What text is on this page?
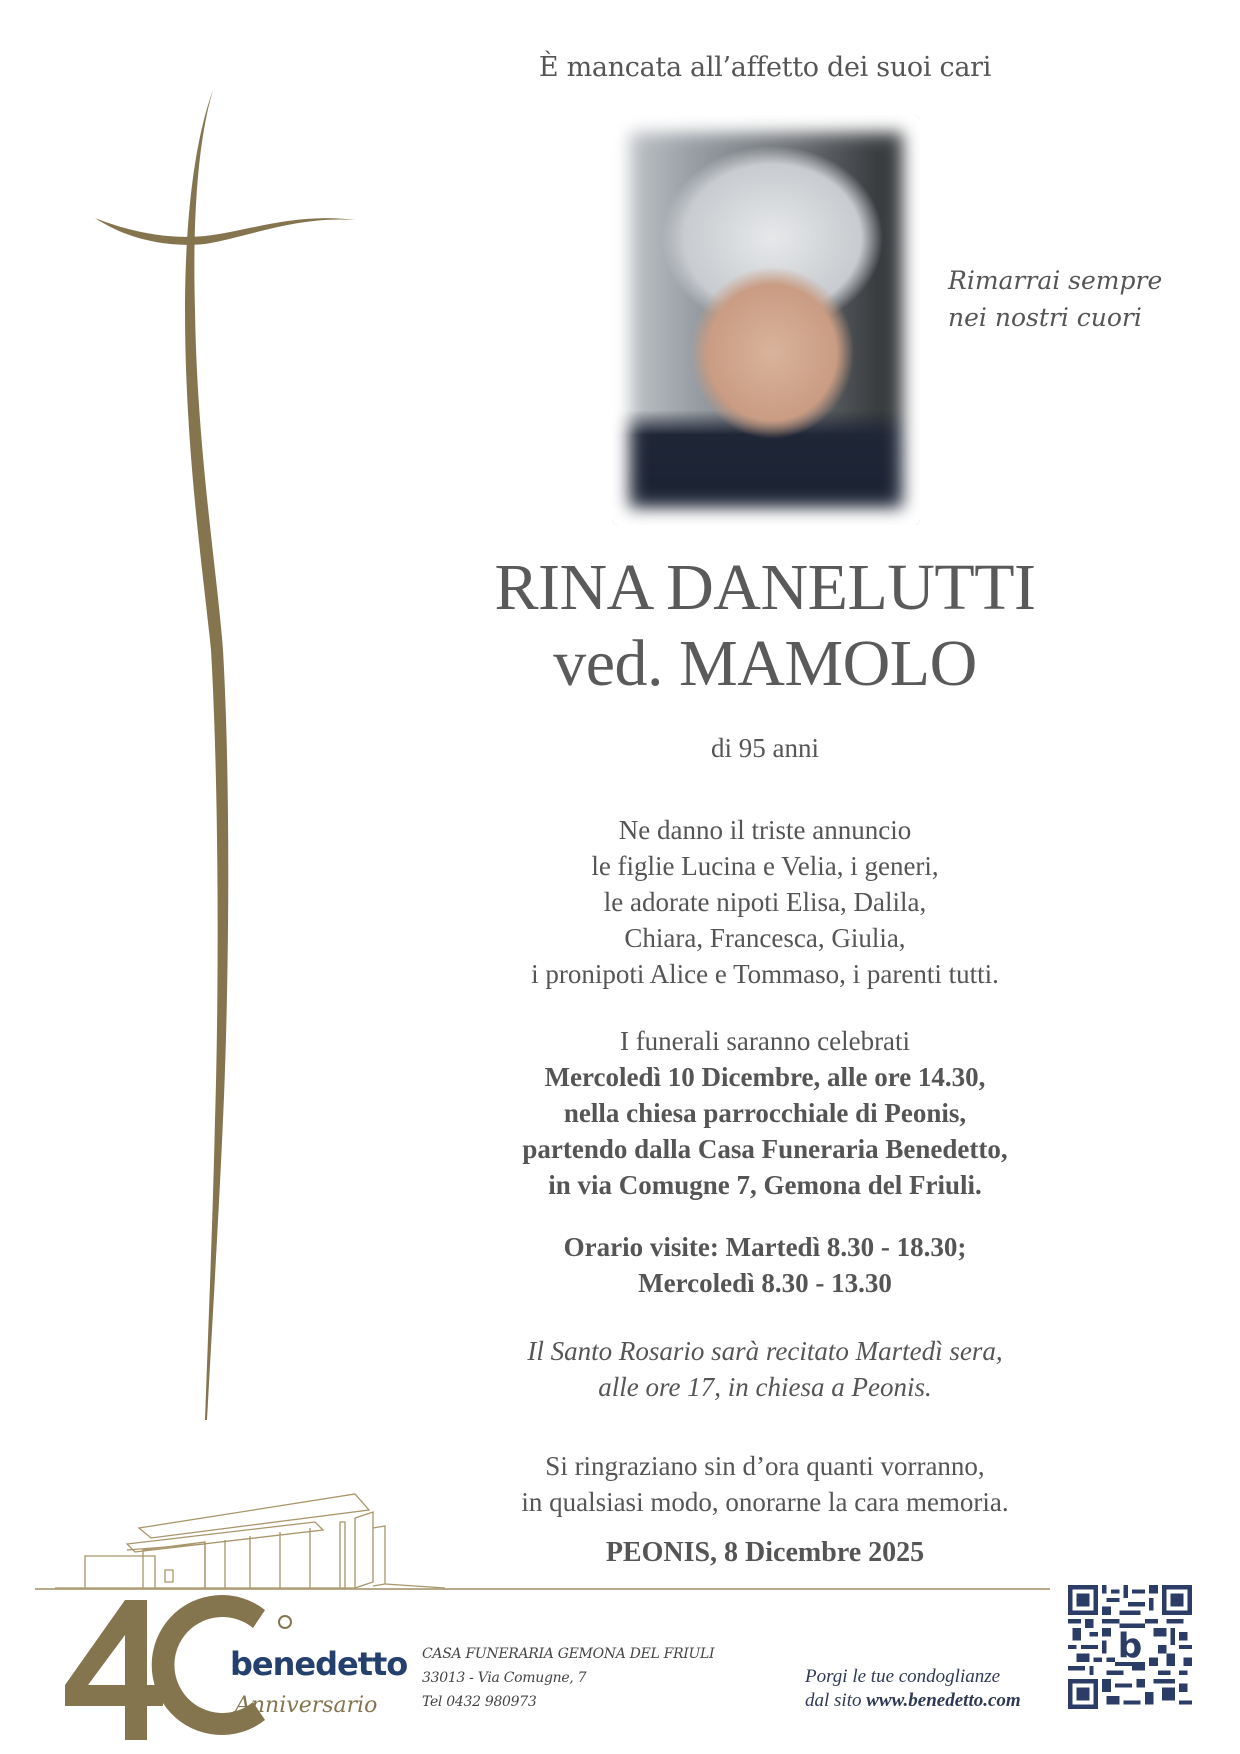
È mancata all’affetto dei suoi cari
Rimarrai sempre
nei nostri cuori
RINA DANELUTTI
ved. MAMOLO
di 95 anni
Ne danno il triste annuncio
le figlie Lucina e Velia, i generi,
le adorate nipoti Elisa, Dalila,
Chiara, Francesca, Giulia,
i pronipoti Alice e Tommaso, i parenti tutti.
I funerali saranno celebrati
Mercoledì 10 Dicembre, alle ore 14.30,
nella chiesa parrocchiale di Peonis,
partendo dalla Casa Funeraria Benedetto,
in via Comugne 7, Gemona del Friuli.
Orario visite: Martedì 8.30 - 18.30;
Mercoledì 8.30 - 13.30
Il Santo Rosario sarà recitato Martedì sera,
alle ore 17, in chiesa a Peonis.
Si ringraziano sin d’ora quanti vorranno,
in qualsiasi modo, onorarne la cara memoria.
PEONIS, 8 Dicembre 2025
benedetto
Anniversario
CASA FUNERARIA GEMONA DEL FRIULI
33013 - Via Comugne, 7
Tel 0432 980973
Porgi le tue condoglianze
dal sito www.benedetto.com
b
